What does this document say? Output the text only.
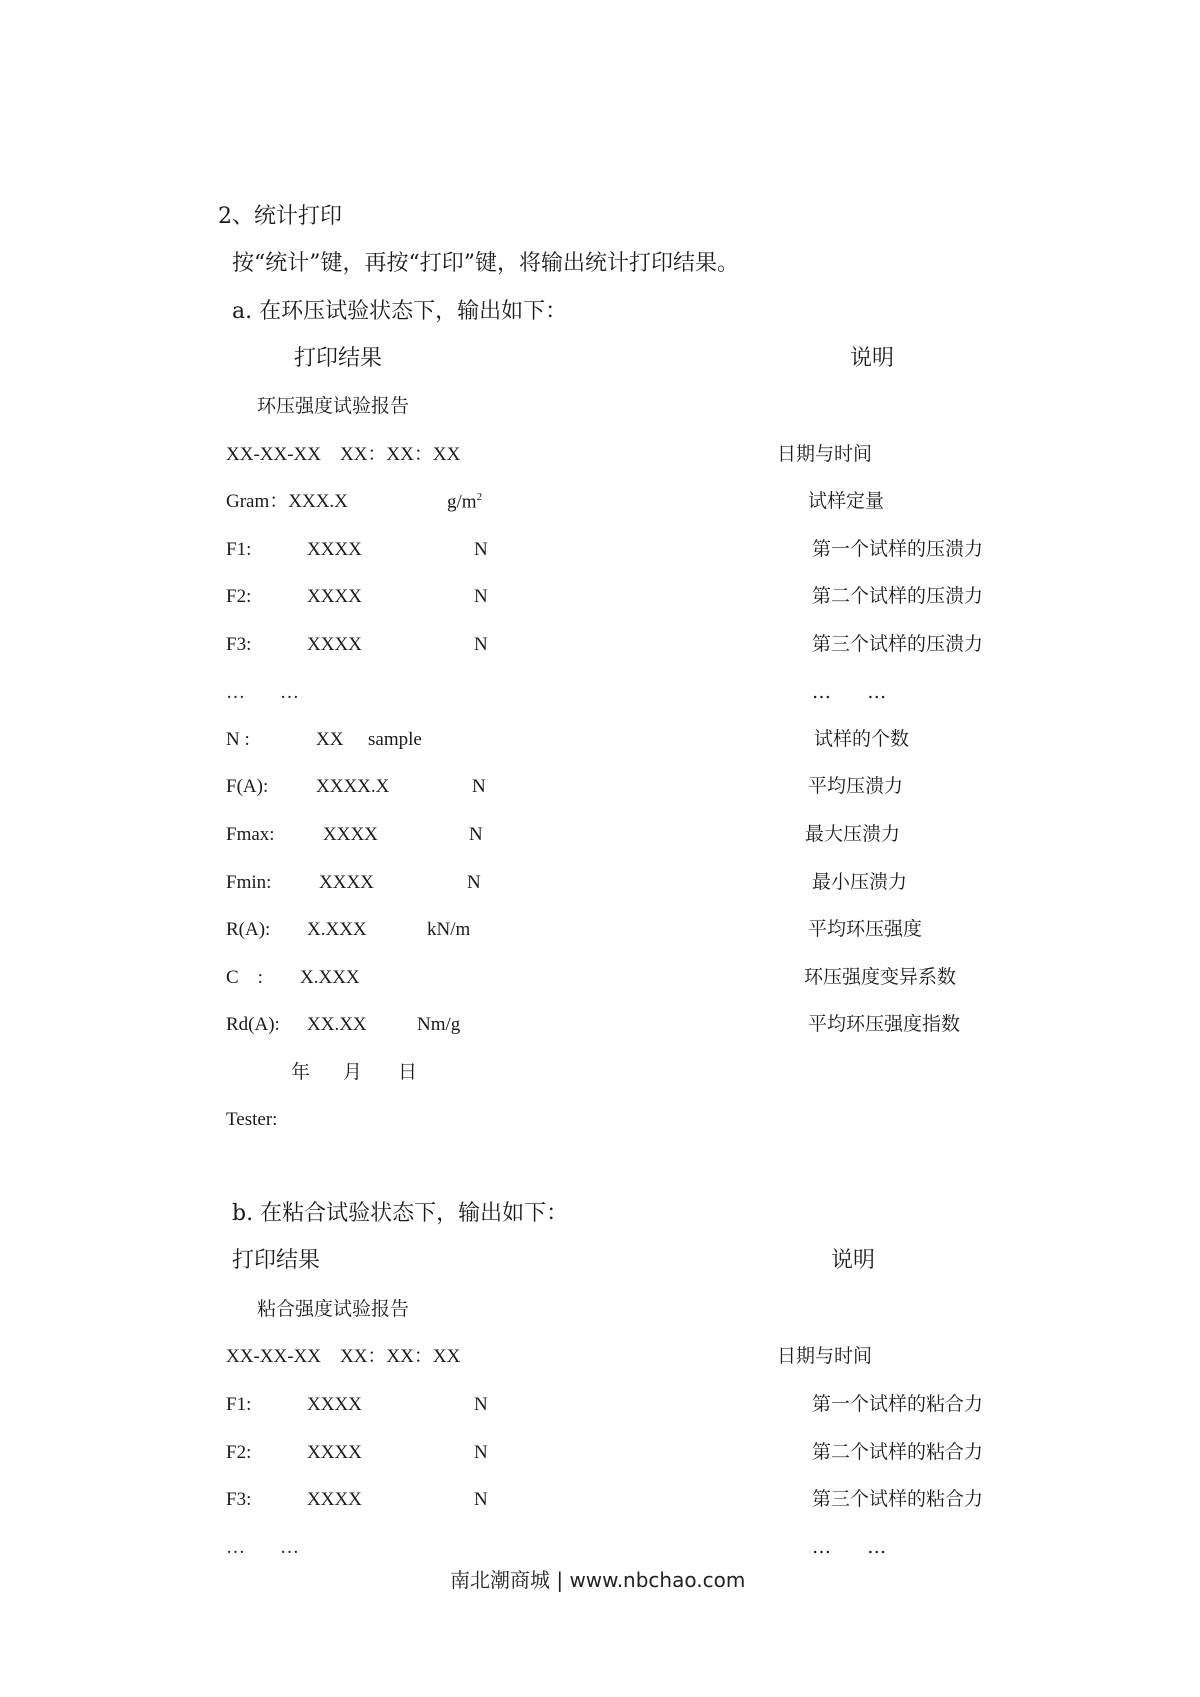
2、统计打印
按“统计”键，再按“打印”键，将输出统计打印结果。
a. 在环压试验状态下，输出如下：
打印结果	说明
环压强度试验报告
XX-XX-XX    XX：XX：XX	日期与时间
Gram：XXX.X	$g/m^2$	试样定量
F1:	XXXX	N	第一个试样的压溃力
F2:	XXXX	N	第二个试样的压溃力
F3:	XXXX	N	第三个试样的压溃力
… …	…      …
N :	XX sample	试样的个数
F(A):	XXXX.X	N	平均压溃力
Fmax:	XXXX	N	最大压溃力
Fmin:	XXXX	N	最小压溃力
R(A): X.XXX	kN/m	平均环压强度
C    : X.XXX	环压强度变异系数
Rd(A): XX.XX	Nm/g	平均环压强度指数
年 月 日
Tester:
b. 在粘合试验状态下，输出如下：
打印结果	说明
粘合强度试验报告
XX-XX-XX    XX：XX：XX	日期与时间
F1:	XXXX	N	第一个试样的粘合力
F2:	XXXX	N	第二个试样的粘合力
F3:	XXXX	N	第三个试样的粘合力
… …	…      …
南北潮商城 | www.nbchao.com
